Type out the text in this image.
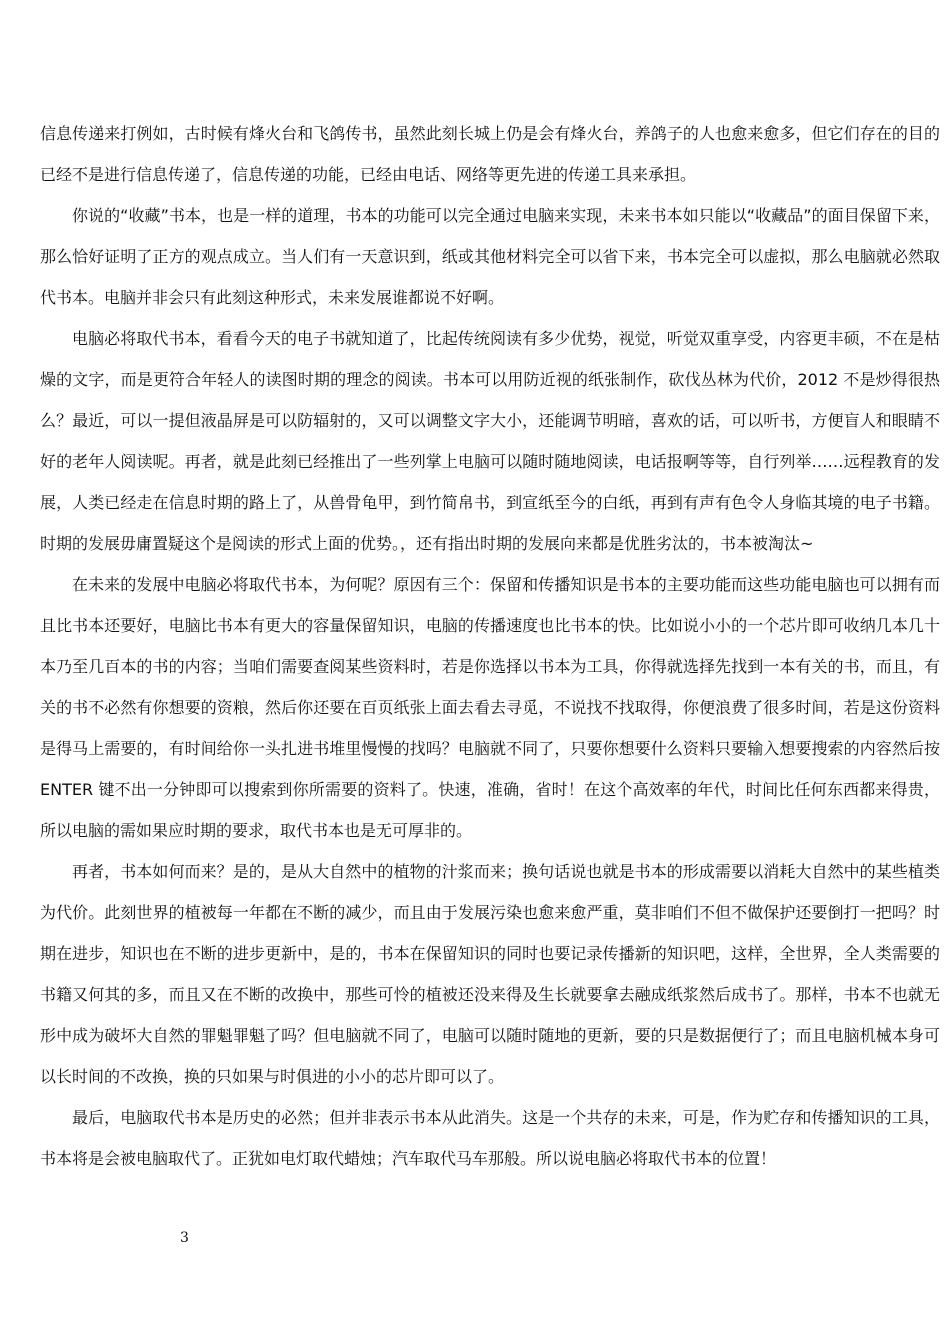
信息传递来打例如，古时候有烽火台和飞鸽传书，虽然此刻长城上仍是会有烽火台，养鸽子的人也愈来愈多，但它们存在的目的已经不是进行信息传递了，信息传递的功能，已经由电话、网络等更先进的传递工具来承担。

你说的“收藏”书本，也是一样的道理，书本的功能可以完全通过电脑来实现，未来书本如只能以“收藏品”的面目保留下来，那么恰好证明了正方的观点成立。当人们有一天意识到，纸或其他材料完全可以省下来，书本完全可以虚拟，那么电脑就必然取代书本。电脑并非会只有此刻这种形式，未来发展谁都说不好啊。

电脑必将取代书本，看看今天的电子书就知道了，比起传统阅读有多少优势，视觉，听觉双重享受，内容更丰硕，不在是枯燥的文字，而是更符合年轻人的读图时期的理念的阅读。书本可以用防近视的纸张制作，砍伐丛林为代价，2012 不是炒得很热么？最近，可以一提但液晶屏是可以防辐射的，又可以调整文字大小，还能调节明暗，喜欢的话，可以听书，方便盲人和眼睛不好的老年人阅读呢。再者，就是此刻已经推出了一些列掌上电脑可以随时随地阅读，电话报啊等等，自行列举……远程教育的发展，人类已经走在信息时期的路上了，从兽骨龟甲，到竹简帛书，到宣纸至今的白纸，再到有声有色令人身临其境的电子书籍。时期的发展毋庸置疑这个是阅读的形式上面的优势。，还有指出时期的发展向来都是优胜劣汰的，书本被淘汰~

在未来的发展中电脑必将取代书本，为何呢？原因有三个：保留和传播知识是书本的主要功能而这些功能电脑也可以拥有而且比书本还要好，电脑比书本有更大的容量保留知识，电脑的传播速度也比书本的快。比如说小小的一个芯片即可收纳几本几十本乃至几百本的书的内容；当咱们需要查阅某些资料时，若是你选择以书本为工具，你得就选择先找到一本有关的书，而且，有关的书不必然有你想要的资粮，然后你还要在百页纸张上面去看去寻觅，不说找不找取得，你便浪费了很多时间，若是这份资料是得马上需要的，有时间给你一头扎进书堆里慢慢的找吗？电脑就不同了，只要你想要什么资料只要输入想要搜索的内容然后按 ENTER 键不出一分钟即可以搜索到你所需要的资料了。快速，准确，省时！在这个高效率的年代，时间比任何东西都来得贵，所以电脑的需如果应时期的要求，取代书本也是无可厚非的。

再者，书本如何而来？是的，是从大自然中的植物的汁浆而来；换句话说也就是书本的形成需要以消耗大自然中的某些植类为代价。此刻世界的植被每一年都在不断的减少，而且由于发展污染也愈来愈严重，莫非咱们不但不做保护还要倒打一把吗？时期在进步，知识也在不断的进步更新中，是的，书本在保留知识的同时也要记录传播新的知识吧，这样，全世界，全人类需要的书籍又何其的多，而且又在不断的改换中，那些可怜的植被还没来得及生长就要拿去融成纸浆然后成书了。那样，书本不也就无形中成为破坏大自然的罪魁罪魁了吗？但电脑就不同了，电脑可以随时随地的更新，要的只是数据便行了；而且电脑机械本身可以长时间的不改换，换的只如果与时俱进的小小的芯片即可以了。

最后，电脑取代书本是历史的必然；但并非表示书本从此消失。这是一个共存的未来，可是，作为贮存和传播知识的工具，书本将是会被电脑取代了。正犹如电灯取代蜡烛；汽车取代马车那般。所以说电脑必将取代书本的位置！

3
